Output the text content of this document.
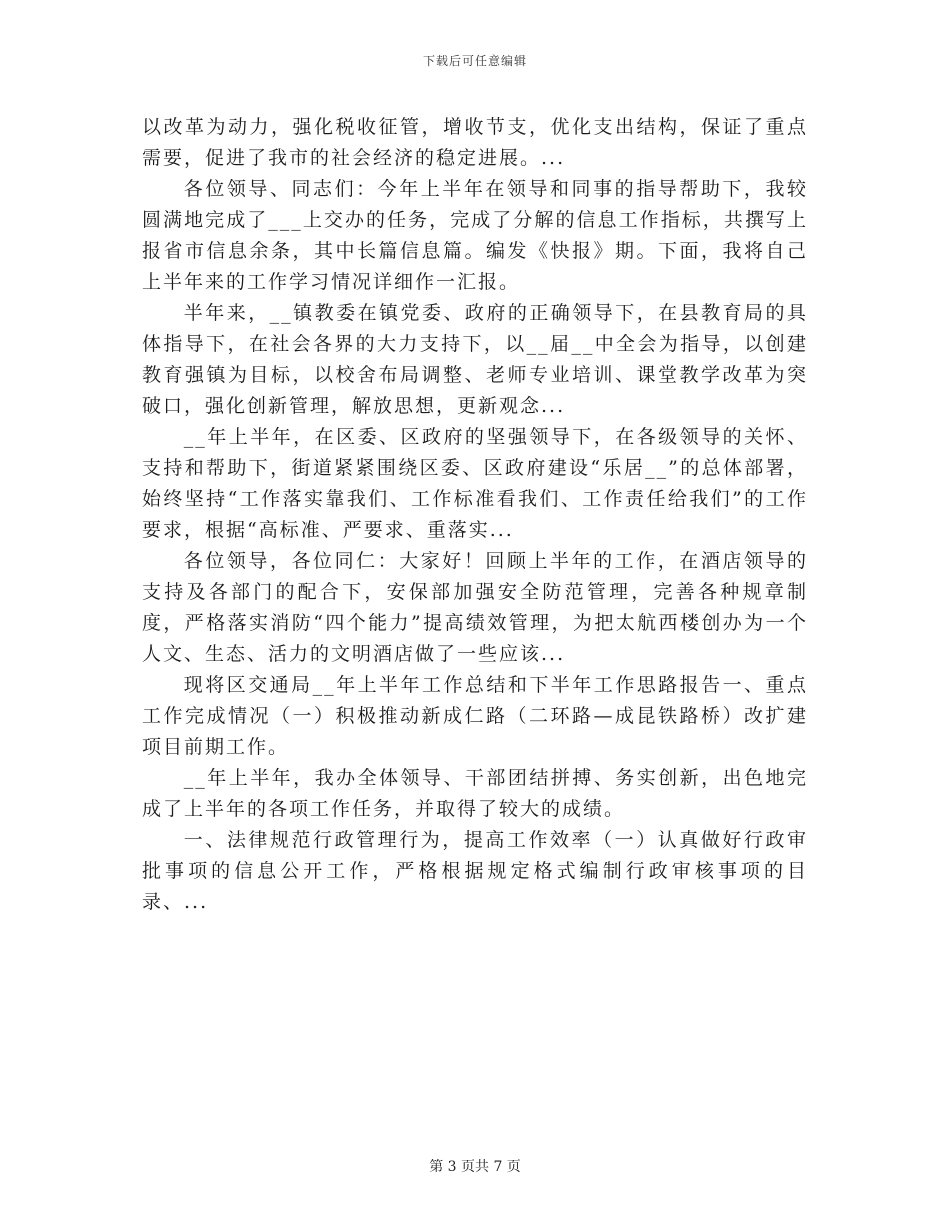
下载后可任意编辑

以改革为动力，强化税收征管，增收节支，优化支出结构，保证了重点需要，促进了我市的社会经济的稳定进展。...

各位领导、同志们：今年上半年在领导和同事的指导帮助下，我较圆满地完成了___上交办的任务，完成了分解的信息工作指标，共撰写上报省市信息余条，其中长篇信息篇。编发《快报》期。下面，我将自己上半年来的工作学习情况详细作一汇报。

半年来，__镇教委在镇党委、政府的正确领导下，在县教育局的具体指导下，在社会各界的大力支持下，以__届__中全会为指导，以创建教育强镇为目标，以校舍布局调整、老师专业培训、课堂教学改革为突破口，强化创新管理，解放思想，更新观念...

__年上半年，在区委、区政府的坚强领导下，在各级领导的关怀、支持和帮助下，街道紧紧围绕区委、区政府建设“乐居__”的总体部署，始终坚持“工作落实靠我们、工作标准看我们、工作责任给我们”的工作要求，根据“高标准、严要求、重落实...

各位领导，各位同仁：大家好！回顾上半年的工作，在酒店领导的支持及各部门的配合下，安保部加强安全防范管理，完善各种规章制度，严格落实消防“四个能力”提高绩效管理，为把太航西楼创办为一个人文、生态、活力的文明酒店做了一些应该...

现将区交通局__年上半年工作总结和下半年工作思路报告一、重点工作完成情况（一）积极推动新成仁路（二环路—成昆铁路桥）改扩建项目前期工作。

__年上半年，我办全体领导、干部团结拼搏、务实创新，出色地完成了上半年的各项工作任务，并取得了较大的成绩。

一、法律规范行政管理行为，提高工作效率（一）认真做好行政审批事项的信息公开工作，严格根据规定格式编制行政审核事项的目录、...

第 3 页共 7 页
